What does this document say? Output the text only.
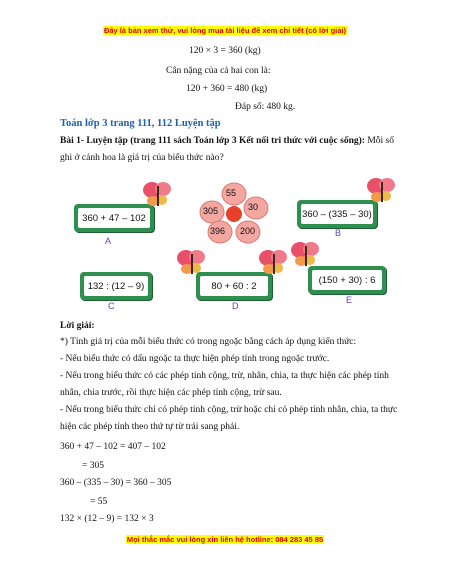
Đây là bản xem thử, vui lòng mua tài liệu để xem chi tiết (có lời giải)
120 × 3 = 360 (kg)
Cân nặng của cả hai con là:
120 + 360 = 480 (kg)
Đáp số: 480 kg.
Toán lớp 3 trang 111, 112 Luyện tập
Bài 1- Luyện tập (trang 111 sách Toán lớp 3 Kết nối tri thức với cuộc sống): Mỗi số ghi ở cánh hoa là giá trị của biểu thức nào?
360 + 47 – 102
A
55
30
305
396 200
360 – (335 – 30)
B
132 : (12 – 9)
C
80 + 60 : 2
D
(150 + 30) : 6
E
Lời giải:
*) Tính giá trị của mỗi biểu thức có trong ngoặc bằng cách áp dụng kiến thức:
- Nếu biểu thức có dấu ngoặc ta thực hiện phép tính trong ngoặc trước.
- Nếu trong biểu thức có các phép tính cộng, trừ, nhân, chia, ta thực hiện các phép tính nhân, chia trước, rồi thực hiện các phép tính cộng, trừ sau.
- Nếu trong biểu thức chỉ có phép tính cộng, trừ hoặc chỉ có phép tính nhân, chia, ta thực hiện các phép tính theo thứ tự từ trái sang phải.
360 + 47 – 102 = 407 – 102
= 305
360 – (335 – 30) = 360 – 305
= 55
132 × (12 – 9) = 132 × 3
Mọi thắc mắc vui lòng xin liên hệ hotline: 084 283 45 85
